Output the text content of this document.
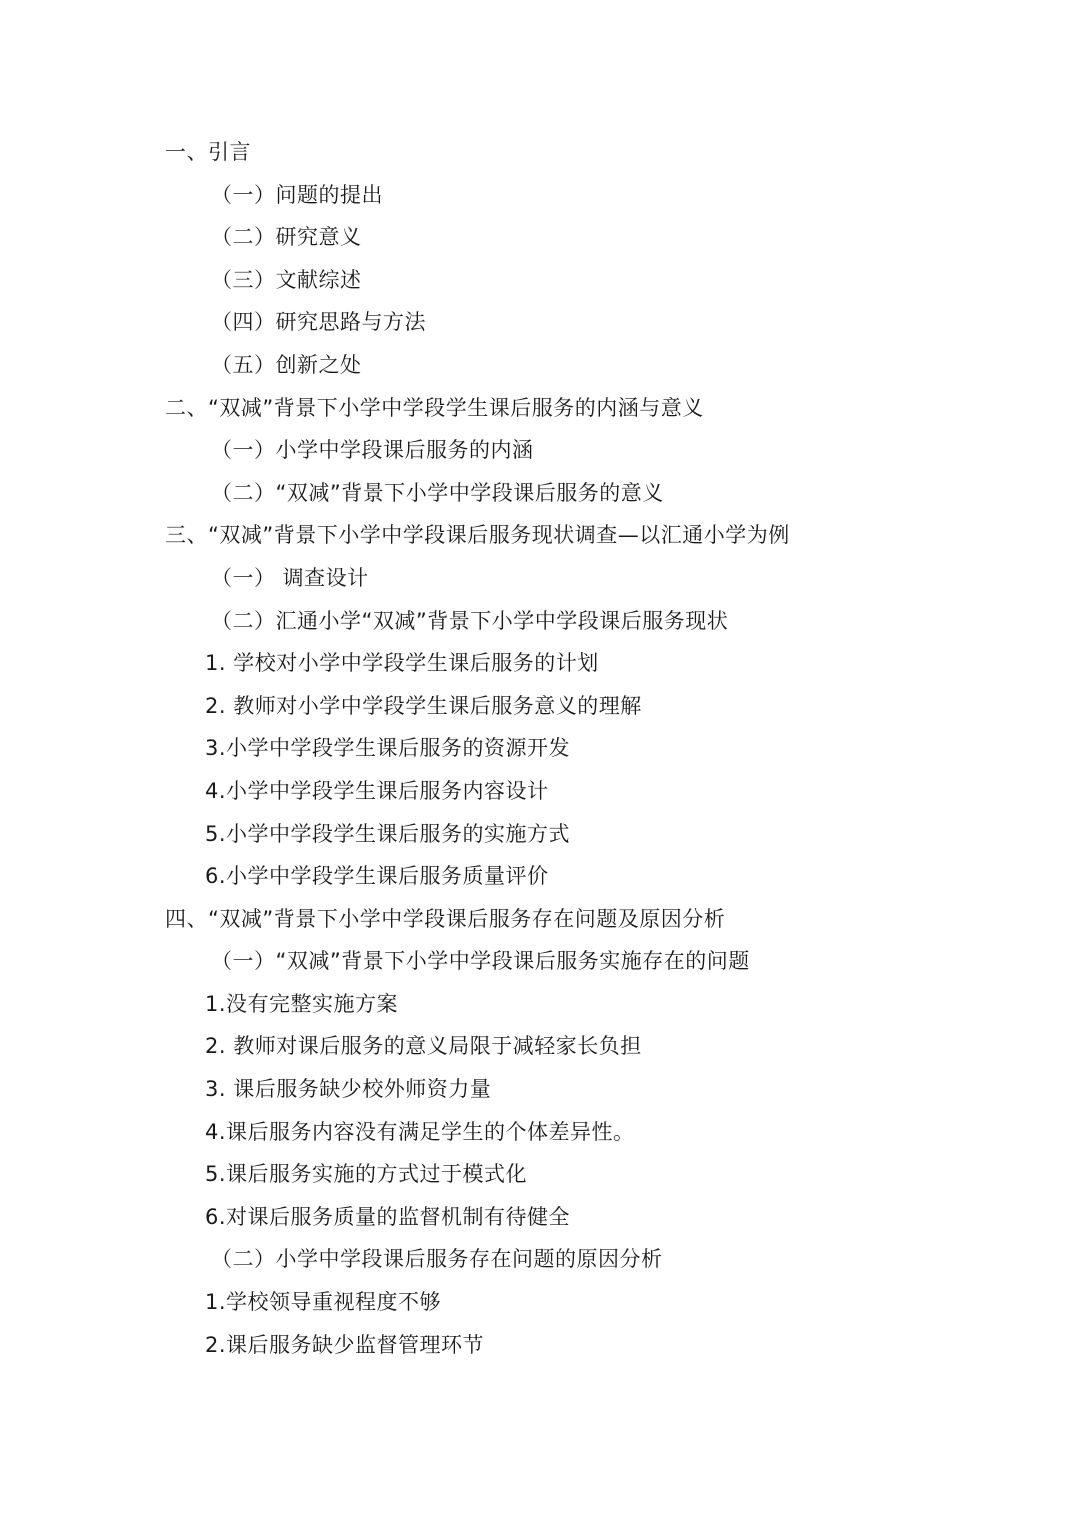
一、引言
（一）问题的提出
（二）研究意义
（三）文献综述
（四）研究思路与方法
（五）创新之处
二、“双减”背景下小学中学段学生课后服务的内涵与意义
（一）小学中学段课后服务的内涵
（二）“双减”背景下小学中学段课后服务的意义
三、“双减”背景下小学中学段课后服务现状调查—以汇通小学为例
（一） 调查设计
（二）汇通小学“双减”背景下小学中学段课后服务现状
1. 学校对小学中学段学生课后服务的计划
2. 教师对小学中学段学生课后服务意义的理解
3.小学中学段学生课后服务的资源开发
4.小学中学段学生课后服务内容设计
5.小学中学段学生课后服务的实施方式
6.小学中学段学生课后服务质量评价
四、“双减”背景下小学中学段课后服务存在问题及原因分析
（一）“双减”背景下小学中学段课后服务实施存在的问题
1.没有完整实施方案
2. 教师对课后服务的意义局限于减轻家长负担
3. 课后服务缺少校外师资力量
4.课后服务内容没有满足学生的个体差异性。
5.课后服务实施的方式过于模式化
6.对课后服务质量的监督机制有待健全
（二）小学中学段课后服务存在问题的原因分析
1.学校领导重视程度不够
2.课后服务缺少监督管理环节
